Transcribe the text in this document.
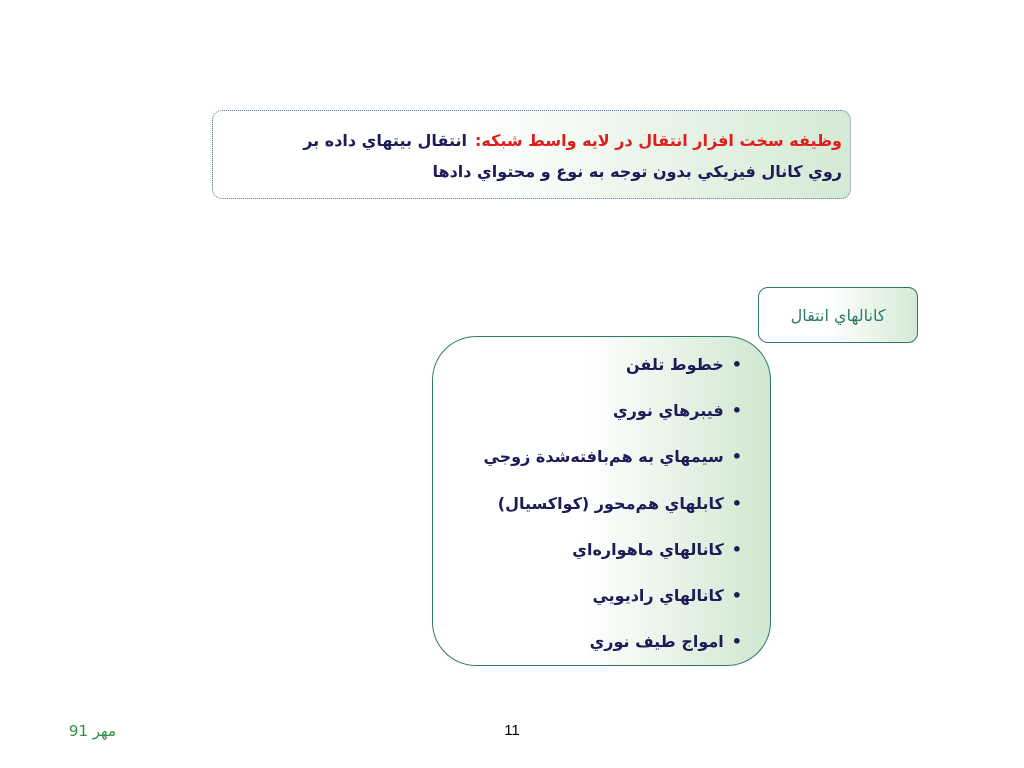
وظيفه سخت افزار انتقال در لايه واسط شبكه:انتقال بيتهاي داده بر
روي كانال فيزيكي بدون توجه به نوع و محتواي دادها
كانالهاي انتقال
• خطوط تلفن
• فيبرهاي نوري
• سيمهاي به هم‌بافته‌شدة زوجي
• كابلهاي هم‌محور (كواكسيال)
• كانالهاي ماهواره‌اي
• كانالهاي راديويي
• امواج طيف نوري
مهر 91	11
